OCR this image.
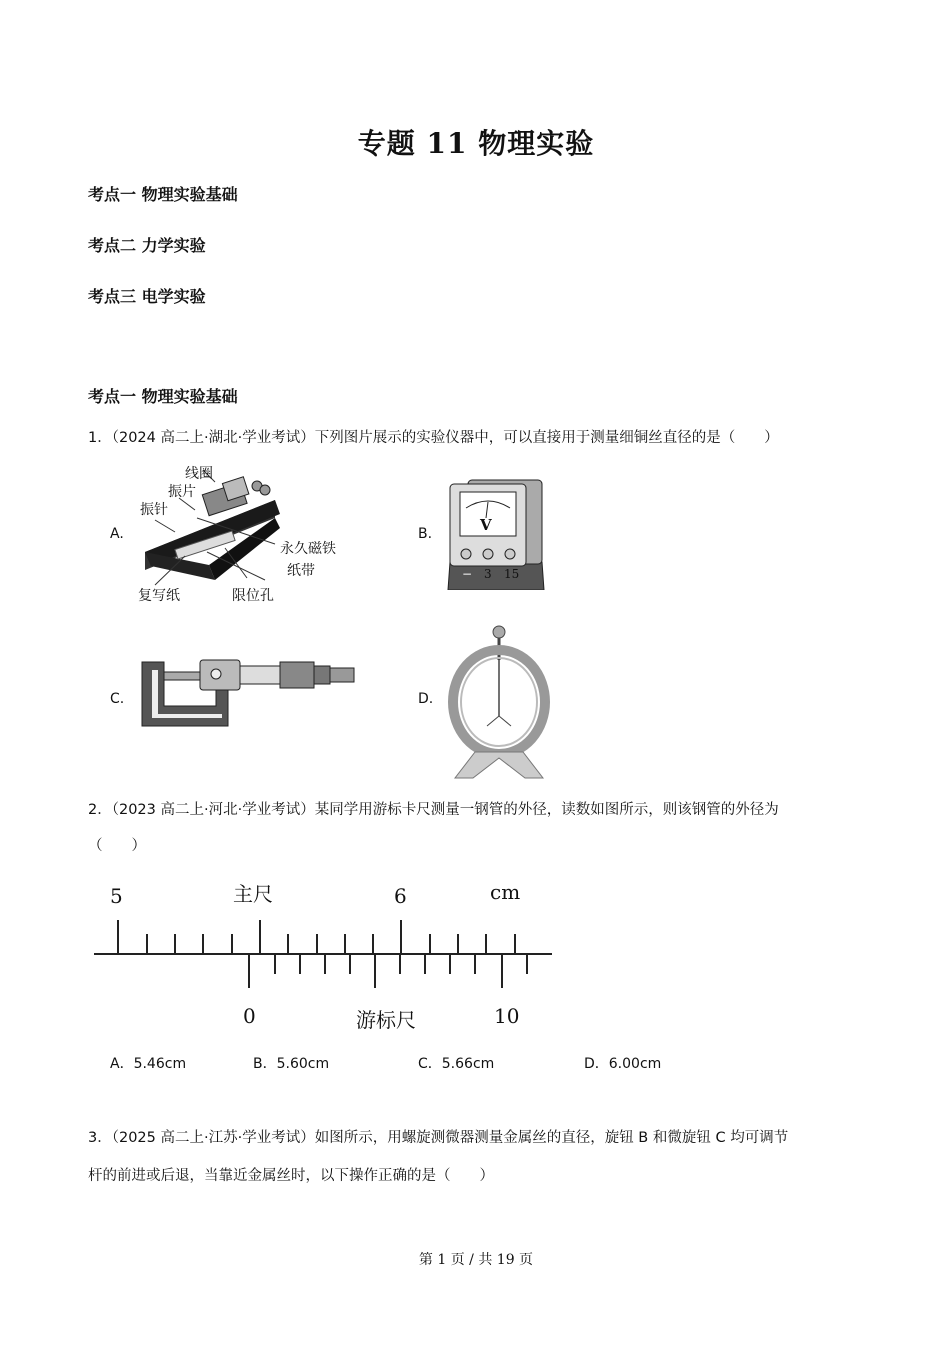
专题 11 物理实验
考点一 物理实验基础
考点二 力学实验
考点三 电学实验
考点一 物理实验基础
1．（2024 高二上·湖北·学业考试）下列图片展示的实验仪器中，可以直接用于测量细铜丝直径的是（　　）
A.	B.
C.	D.
线圈
振片
振针
永久磁铁
纸带
复写纸	限位孔
V
− 3 15
2．（2023 高二上·河北·学业考试）某同学用游标卡尺测量一钢管的外径，读数如图所示，则该钢管的外径为
（　　）
5	主尺	6	cm
0	游标尺	10
A．5.46cm	B．5.60cm	C．5.66cm	D．6.00cm
3．（2025 高二上·江苏·学业考试）如图所示，用螺旋测微器测量金属丝的直径，旋钮 B 和微旋钮 C 均可调节
杆的前进或后退，当靠近金属丝时，以下操作正确的是（　　）
第 1 页 / 共 19 页
